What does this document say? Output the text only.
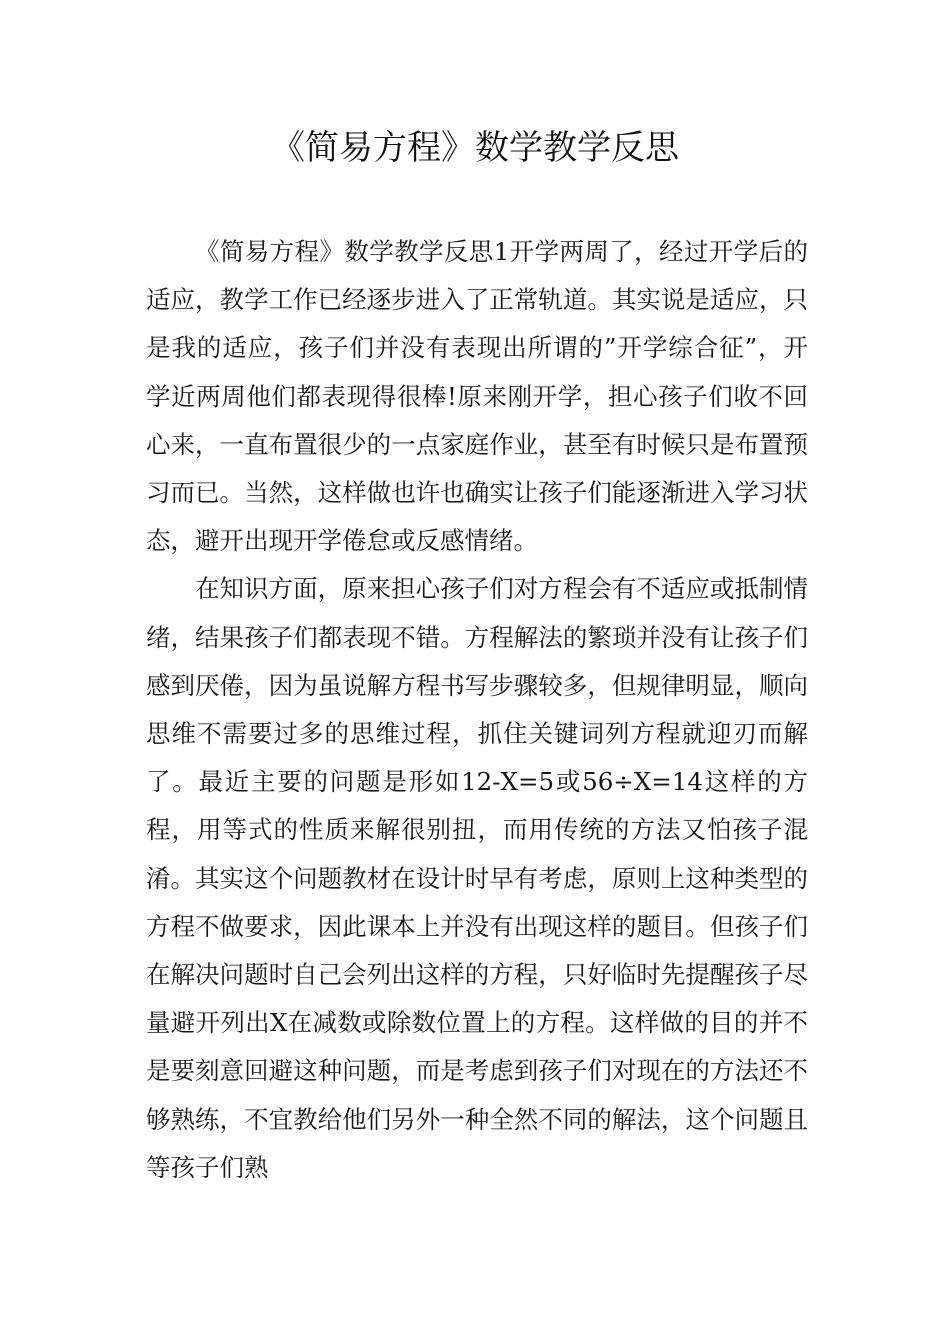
《简易方程》数学教学反思

《简易方程》数学教学反思1开学两周了，经过开学后的适应，教学工作已经逐步进入了正常轨道。其实说是适应，只是我的适应，孩子们并没有表现出所谓的”开学综合征”，开学近两周他们都表现得很棒!原来刚开学，担心孩子们收不回心来，一直布置很少的一点家庭作业，甚至有时候只是布置预习而已。当然，这样做也许也确实让孩子们能逐渐进入学习状态，避开出现开学倦怠或反感情绪。

在知识方面，原来担心孩子们对方程会有不适应或抵制情绪，结果孩子们都表现不错。方程解法的繁琐并没有让孩子们感到厌倦，因为虽说解方程书写步骤较多，但规律明显，顺向思维不需要过多的思维过程，抓住关键词列方程就迎刃而解了。最近主要的问题是形如12-X=5或56÷X=14这样的方程，用等式的性质来解很别扭，而用传统的方法又怕孩子混淆。其实这个问题教材在设计时早有考虑，原则上这种类型的方程不做要求，因此课本上并没有出现这样的题目。但孩子们在解决问题时自己会列出这样的方程，只好临时先提醒孩子尽量避开列出X在减数或除数位置上的方程。这样做的目的并不是要刻意回避这种问题，而是考虑到孩子们对现在的方法还不够熟练，不宜教给他们另外一种全然不同的解法，这个问题且等孩子们熟
